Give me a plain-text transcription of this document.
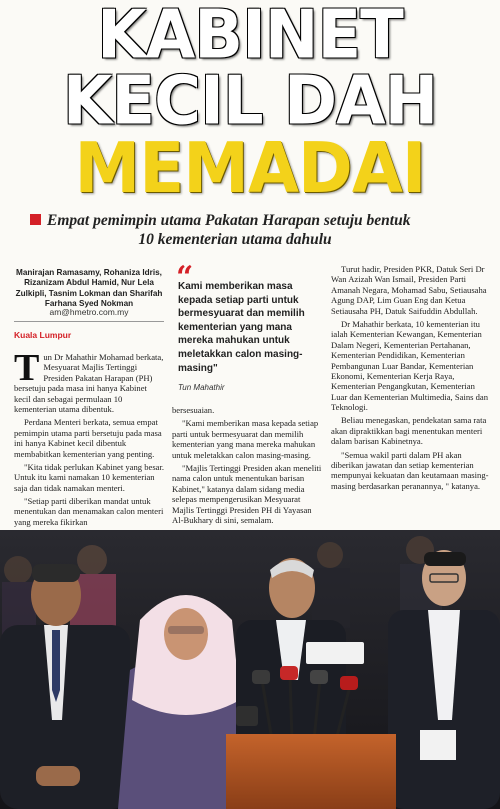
KABINET
KECIL DAH
MEMADAI
Empat pemimpin utama Pakatan Harapan setuju bentuk
10 kementerian utama dahulu
Manirajan Ramasamy, Rohaniza Idris, Rizanizam Abdul Hamid, Nur Lela Zulkipli, Tasnim Lokman dan Sharifah Farhana Syed Nokman
am@hmetro.com.my
Kuala Lumpur

Tun Dr Mahathir Mohamad berkata, Mesyuarat Majlis Tertinggi Presiden Pakatan Harapan (PH) bersetuju pada masa ini hanya Kabinet kecil dan sebagai permulaan 10 kementerian utama dibentuk.

Perdana Menteri berkata, semua empat pemimpin utama parti bersetuju pada masa ini hanya Kabinet kecil dibentuk membabitkan kementerian yang penting.

"Kita tidak perlukan Kabinet yang besar. Untuk itu kami namakan 10 kementerian saja dan tidak namakan menteri.

"Setiap parti diberikan mandat untuk menentukan dan menamakan calon menteri yang mereka fikirkan

“
Kami memberikan masa kepada setiap parti untuk bermesyuarat dan memilih kementerian yang mana mereka mahukan untuk meletakkan calon masing-masing"
Tun Mahathir

bersesuaian.

"Kami memberikan masa kepada setiap parti untuk bermesyuarat dan memilih kementerian yang mana mereka mahukan untuk meletakkan calon masing-masing.

"Majlis Tertinggi Presiden akan meneliti nama calon untuk menentukan barisan Kabinet," katanya dalam sidang media selepas mempengerusikan Mesyuarat Majlis Tertinggi Presiden PH di Yayasan Al-Bukhary di sini, semalam.

Turut hadir, Presiden PKR, Datuk Seri Dr Wan Azizah Wan Ismail, Presiden Parti Amanah Negara, Mohamad Sabu, Setiausaha Agung DAP, Lim Guan Eng dan Ketua Setiausaha PH, Datuk Saifuddin Abdullah.

Dr Mahathir berkata, 10 kementerian itu ialah Kementerian Kewangan, Kementerian Dalam Negeri, Kementerian Pertahanan, Kementerian Pendidikan, Kementerian Pembangunan Luar Bandar, Kementerian Ekonomi, Kementerian Kerja Raya, Kementerian Pengangkutan, Kementerian Luar dan Kementerian Multimedia, Sains dan Teknologi.

Beliau menegaskan, pendekatan sama rata akan dipraktikkan bagi menentukan menteri dalam barisan Kabinetnya.

"Semua wakil parti dalam PH akan diberikan jawatan dan setiap kementerian mempunyai kekuatan dan keutamaan masing-masing berdasarkan peranannya, " katanya.
